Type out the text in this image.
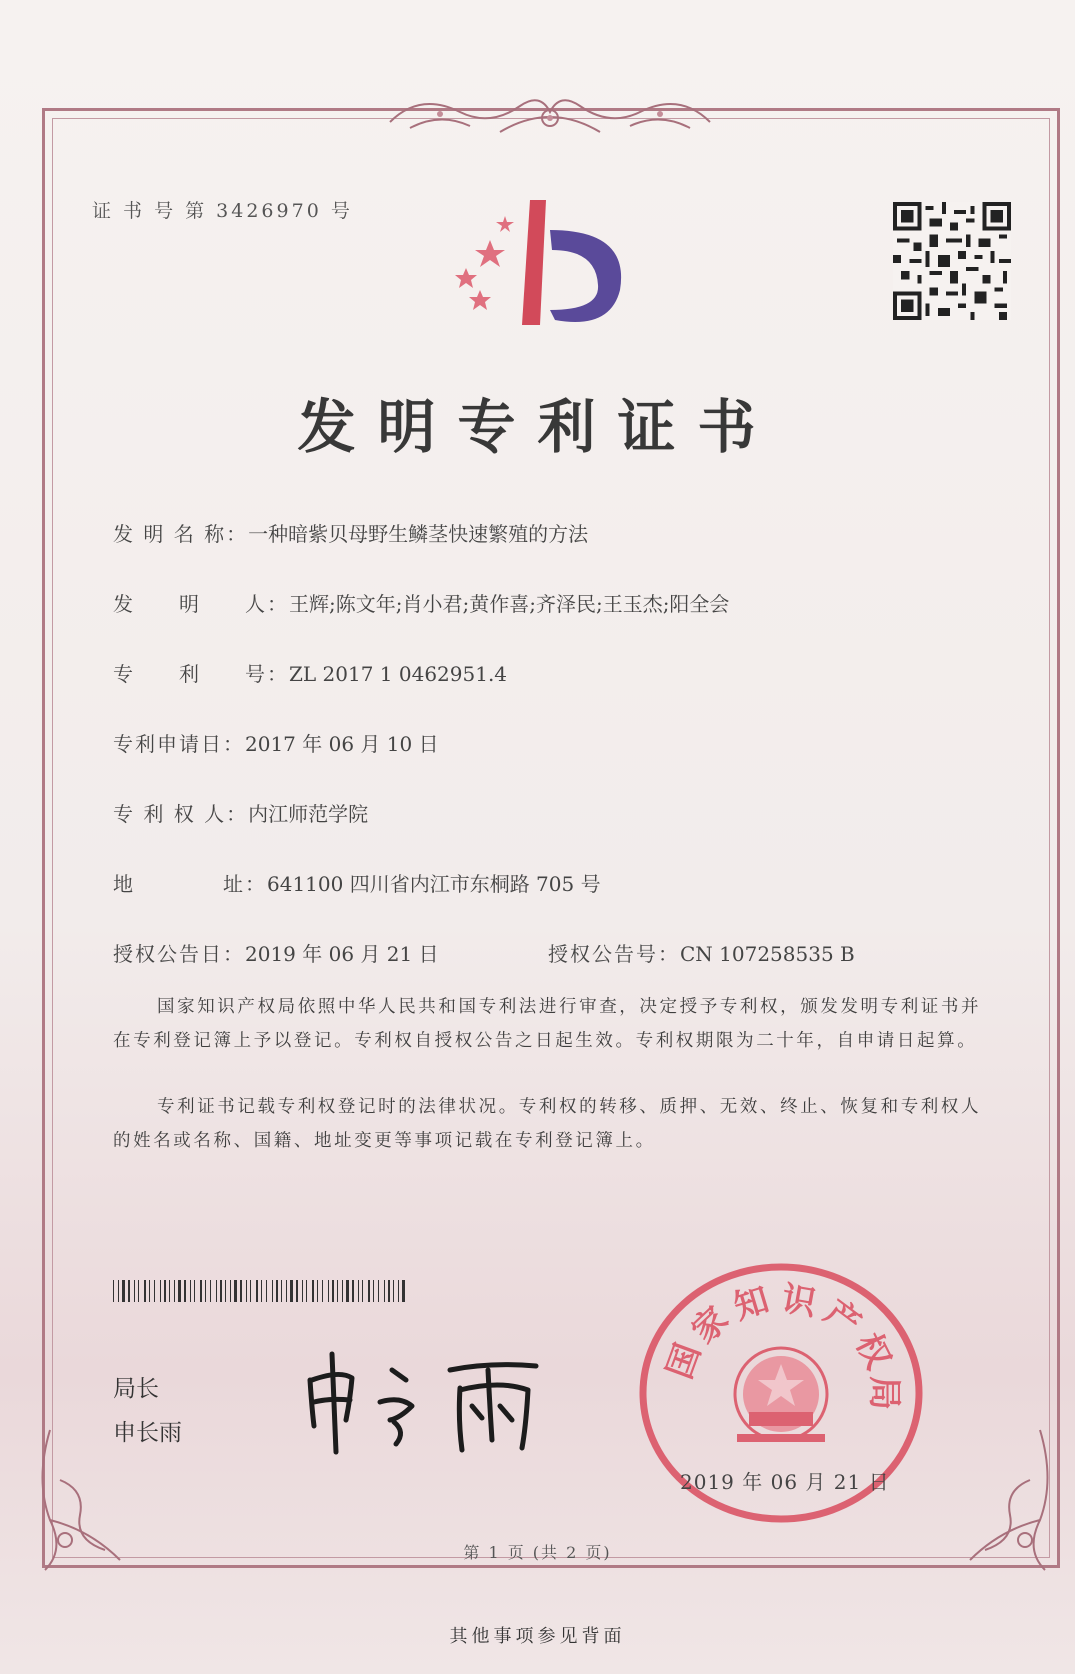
证 书 号 第 3426970 号
发明专利证书
发 明 名 称：一种暗紫贝母野生鳞茎快速繁殖的方法
发　　明　　人：王辉;陈文年;肖小君;黄作喜;齐泽民;王玉杰;阳全会
专　　利　　号：ZL 2017 1 0462951.4
专利申请日：2017 年 06 月 10 日
专 利 权 人：内江师范学院
地　　　　址：641100 四川省内江市东桐路 705 号
授权公告日：2019 年 06 月 21 日	授权公告号：CN 107258535 B
国家知识产权局依照中华人民共和国专利法进行审查，决定授予专利权，颁发发明专利证书并在专利登记簿上予以登记。专利权自授权公告之日起生效。专利权期限为二十年，自申请日起算。
专利证书记载专利权登记时的法律状况。专利权的转移、质押、无效、终止、恢复和专利权人的姓名或名称、国籍、地址变更等事项记载在专利登记簿上。
局长
申长雨
国
家
知 识
产
权
局
2019 年 06 月 21 日
第 1 页 (共 2 页)
其他事项参见背面
